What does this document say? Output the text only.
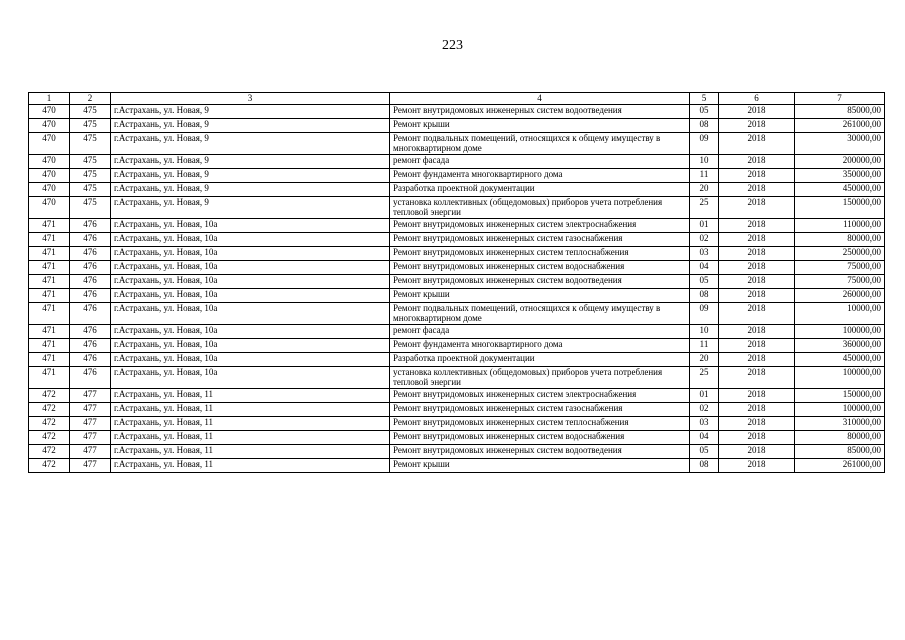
223
1	2	3	4	5	6	7
470	475	г.Астрахань, ул. Новая, 9	Ремонт внутридомовых инженерных систем водоотведения	05	2018	85000,00
470	475	г.Астрахань, ул. Новая, 9	Ремонт крыши	08	2018	261000,00
470	475	г.Астрахань, ул. Новая, 9	Ремонт подвальных помещений, относящихся к общему имуществу в многоквартирном доме	09	2018	30000,00
470	475	г.Астрахань, ул. Новая, 9	ремонт фасада	10	2018	200000,00
470	475	г.Астрахань, ул. Новая, 9	Ремонт фундамента многоквартирного дома	11	2018	350000,00
470	475	г.Астрахань, ул. Новая, 9	Разработка проектной документации	20	2018	450000,00
470	475	г.Астрахань, ул. Новая, 9	установка коллективных (общедомовых) приборов учета потребления тепловой энергии	25	2018	150000,00
471	476	г.Астрахань, ул. Новая, 10а	Ремонт внутридомовых инженерных систем электроснабжения	01	2018	110000,00
471	476	г.Астрахань, ул. Новая, 10а	Ремонт внутридомовых инженерных систем газоснабжения	02	2018	80000,00
471	476	г.Астрахань, ул. Новая, 10а	Ремонт внутридомовых инженерных систем теплоснабжения	03	2018	250000,00
471	476	г.Астрахань, ул. Новая, 10а	Ремонт внутридомовых инженерных систем водоснабжения	04	2018	75000,00
471	476	г.Астрахань, ул. Новая, 10а	Ремонт внутридомовых инженерных систем водоотведения	05	2018	75000,00
471	476	г.Астрахань, ул. Новая, 10а	Ремонт крыши	08	2018	260000,00
471	476	г.Астрахань, ул. Новая, 10а	Ремонт подвальных помещений, относящихся к общему имуществу в многоквартирном доме	09	2018	10000,00
471	476	г.Астрахань, ул. Новая, 10а	ремонт фасада	10	2018	100000,00
471	476	г.Астрахань, ул. Новая, 10а	Ремонт фундамента многоквартирного дома	11	2018	360000,00
471	476	г.Астрахань, ул. Новая, 10а	Разработка проектной документации	20	2018	450000,00
471	476	г.Астрахань, ул. Новая, 10а	установка коллективных (общедомовых) приборов учета потребления тепловой энергии	25	2018	100000,00
472	477	г.Астрахань, ул. Новая, 11	Ремонт внутридомовых инженерных систем электроснабжения	01	2018	150000,00
472	477	г.Астрахань, ул. Новая, 11	Ремонт внутридомовых инженерных систем газоснабжения	02	2018	100000,00
472	477	г.Астрахань, ул. Новая, 11	Ремонт внутридомовых инженерных систем теплоснабжения	03	2018	310000,00
472	477	г.Астрахань, ул. Новая, 11	Ремонт внутридомовых инженерных систем водоснабжения	04	2018	80000,00
472	477	г.Астрахань, ул. Новая, 11	Ремонт внутридомовых инженерных систем водоотведения	05	2018	85000,00
472	477	г.Астрахань, ул. Новая, 11	Ремонт крыши	08	2018	261000,00
